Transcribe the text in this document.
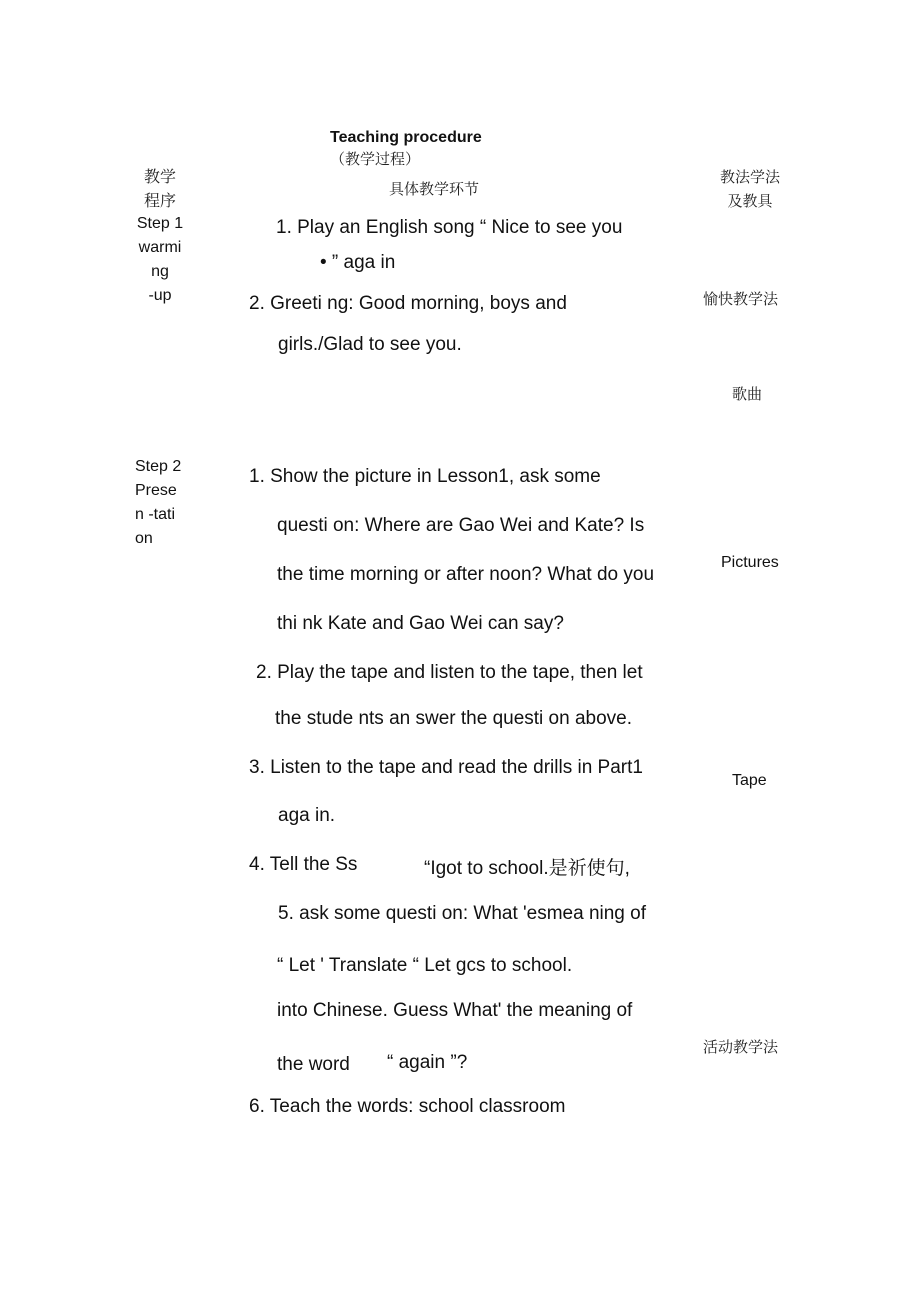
Teaching procedure
（教学过程）
教学
程序
具体教学环节
教法学法
及教具
Step 1
warmi
ng
-up
1. Play an English song “ Nice to see you
• ” aga in
2. Greeti ng: Good morning, boys and
girls./Glad to see you.
愉快教学法
歌曲
Step 2
Prese
n -tati
on
1. Show the picture in Lesson1, ask some
questi on: Where are Gao Wei and Kate? Is
the time morning or after noon? What do you
thi nk Kate and Gao Wei can say?
2. Play the tape and listen to the tape, then let
the stude nts an swer the questi on above.
3. Listen to the tape and read the drills in Part1
aga in.
4. Tell the Ss	“Igot to school.是祈使句,
5. ask some questi on: What 'esmea ning of
“ Let ' Translate “ Let gcs to school.
into Chinese. Guess What' the meaning of
the word “ again ”?
6. Teach the words: school classroom
Pictures
Tape
活动教学法
